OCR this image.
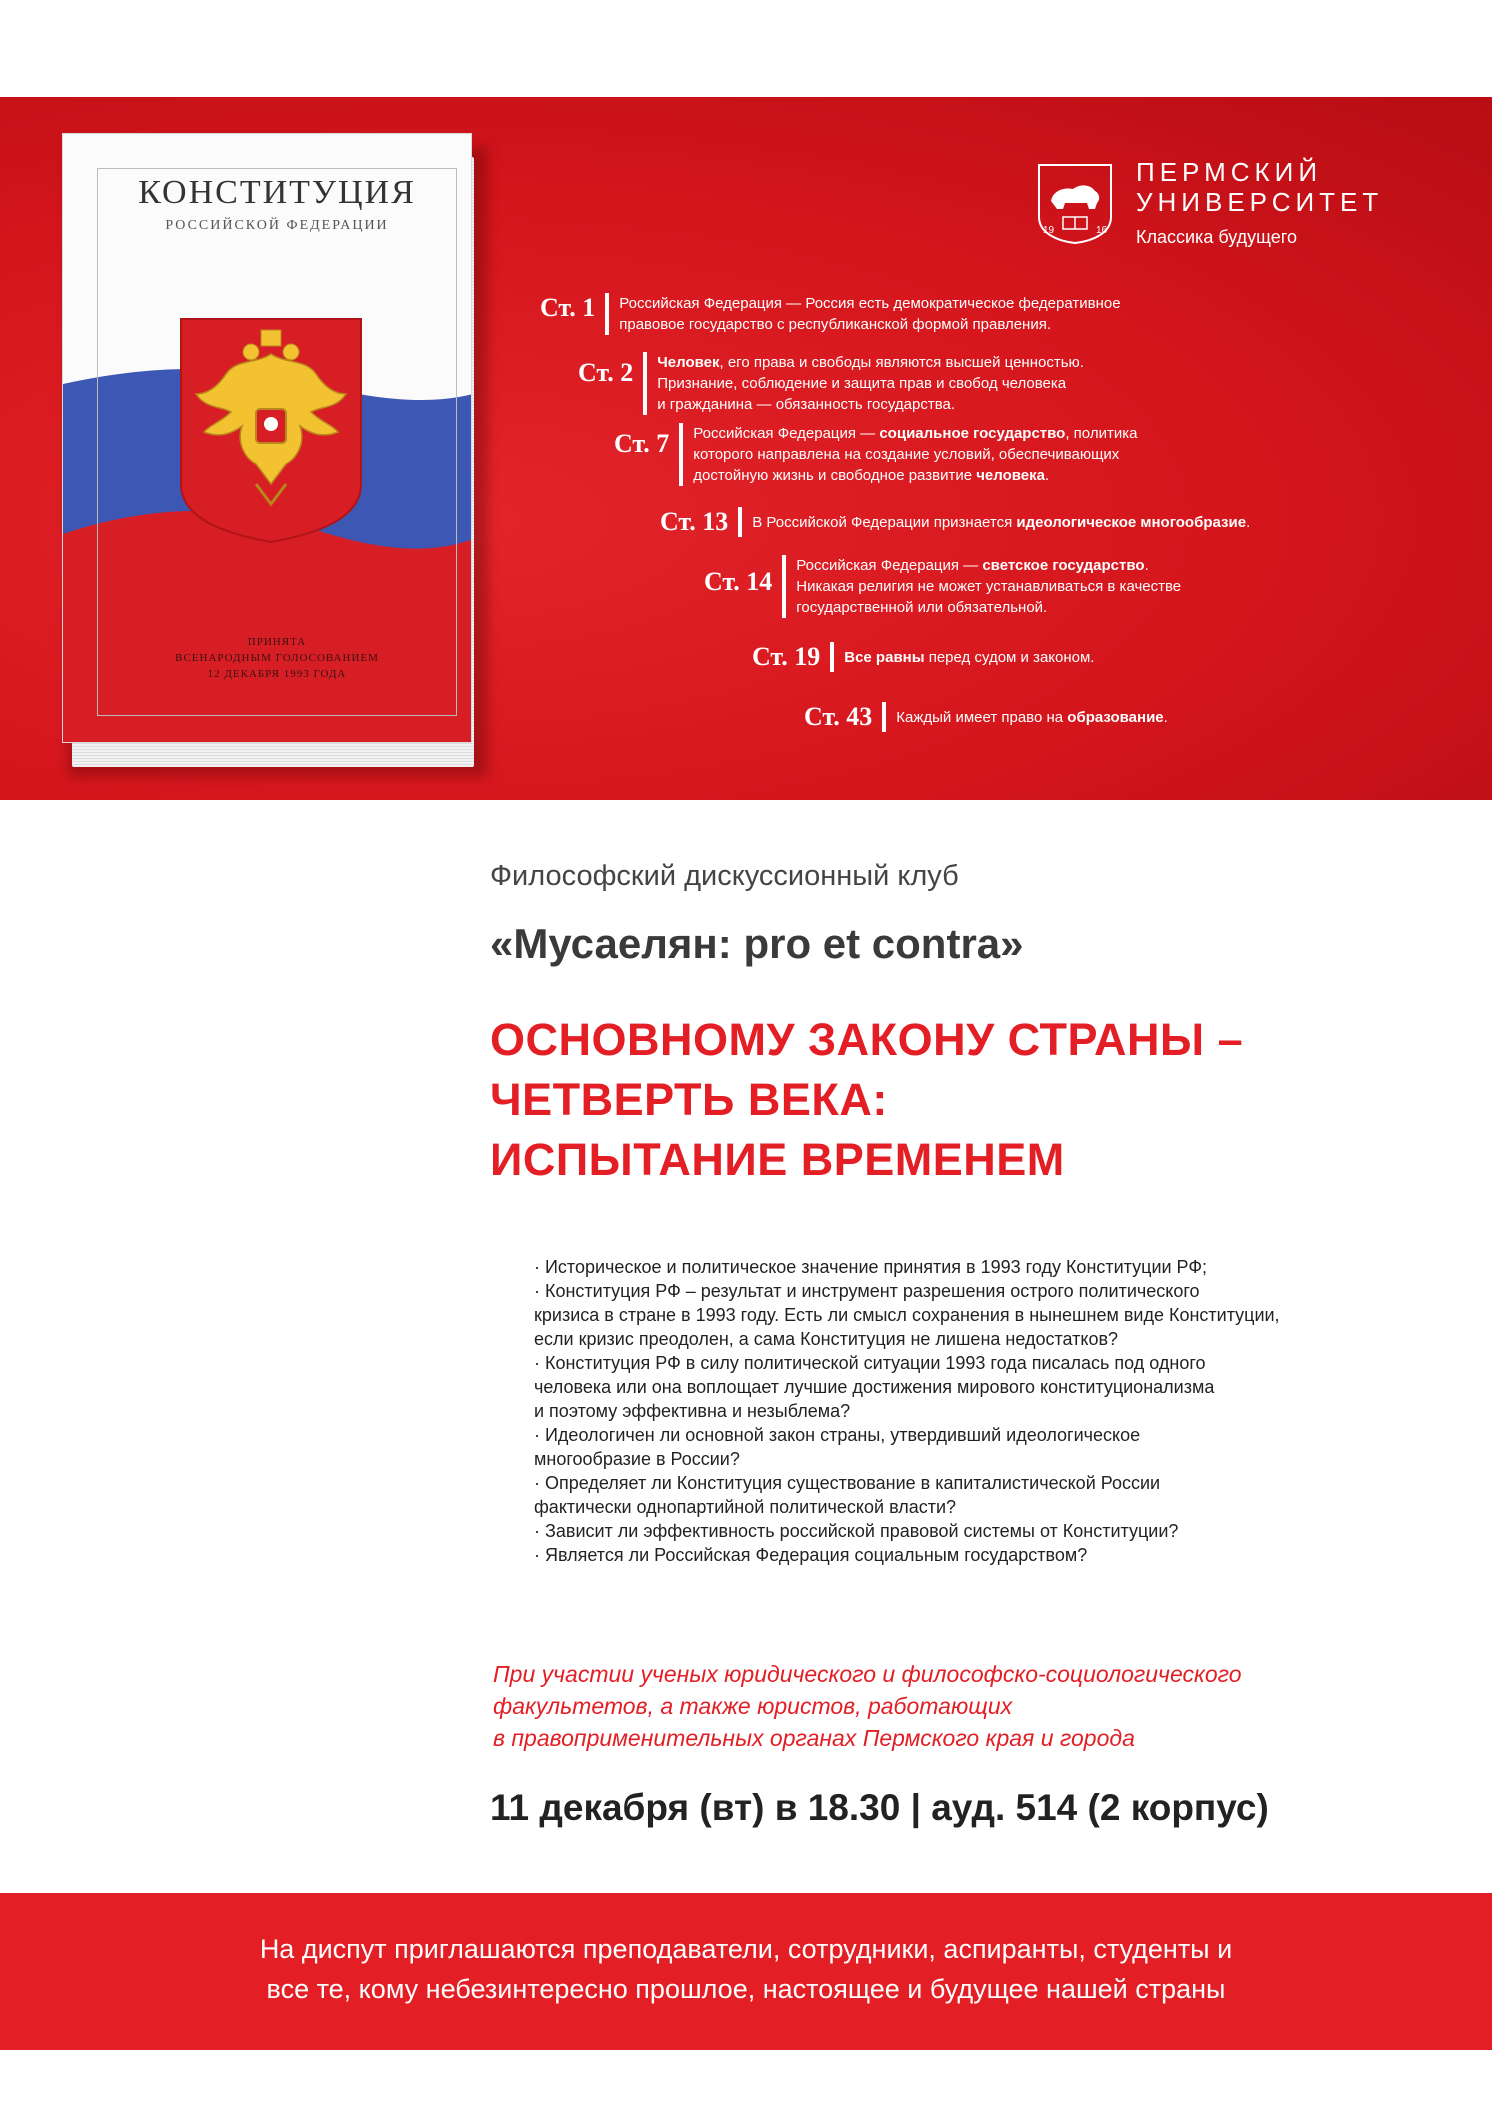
КОНСТИТУЦИЯ
РОССИЙСКОЙ ФЕДЕРАЦИИ
ПРИНЯТА
ВСЕНАРОДНЫМ ГОЛОСОВАНИЕМ
12 ДЕКАБРЯ 1993 ГОДА
19	16
ПЕРМСКИЙ
УНИВЕРСИТЕТ
Классика будущего
Ст. 1	Российская Федерация — Россия есть демократическое федеративное
правовое государство с республиканской формой правления.
Ст. 2	Человек, его права и свободы являются высшей ценностью.
Признание, соблюдение и защита прав и свобод человека
и гражданина — обязанность государства.
Ст. 7	Российская Федерация — социальное государство, политика
которого направлена на создание условий, обеспечивающих
достойную жизнь и свободное развитие человека.
Ст. 13	В Российской Федерации признается идеологическое многообразие.
Ст. 14
Российская Федерация — светское государство.
Никакая религия не может устанавливаться в качестве
государственной или обязательной.
Ст. 19	Все равны перед судом и законом.
Ст. 43	Каждый имеет право на образование.
Философский дискуссионный клуб
«Мусаелян: pro et contra»
ОСНОВНОМУ ЗАКОНУ СТРАНЫ –
ЧЕТВЕРТЬ ВЕКА:
ИСПЫТАНИЕ ВРЕМЕНЕМ
· Историческое и политическое значение принятия в 1993 году Конституции РФ;
· Конституция РФ – результат и инструмент разрешения острого политического
кризиса в стране в 1993 году. Есть ли смысл сохранения в нынешнем виде Конституции,
если кризис преодолен, а сама Конституция не лишена недостатков?
· Конституция РФ в силу политической ситуации 1993 года писалась под одного
человека или она воплощает лучшие достижения мирового конституционализма
и поэтому эффективна и незыблема?
· Идеологичен ли основной закон страны, утвердивший идеологическое
многообразие в России?
· Определяет ли Конституция существование в капиталистической России
фактически однопартийной политической власти?
· Зависит ли эффективность российской правовой системы от Конституции?
· Является ли Российская Федерация социальным государством?
При участии ученых юридического и философско-социологического
факультетов, а также юристов, работающих
в правоприменительных органах Пермского края и города
11 декабря (вт) в 18.30 | ауд. 514 (2 корпус)
На диспут приглашаются преподаватели, сотрудники, аспиранты, студенты и
все те, кому небезинтересно прошлое, настоящее и будущее нашей страны
